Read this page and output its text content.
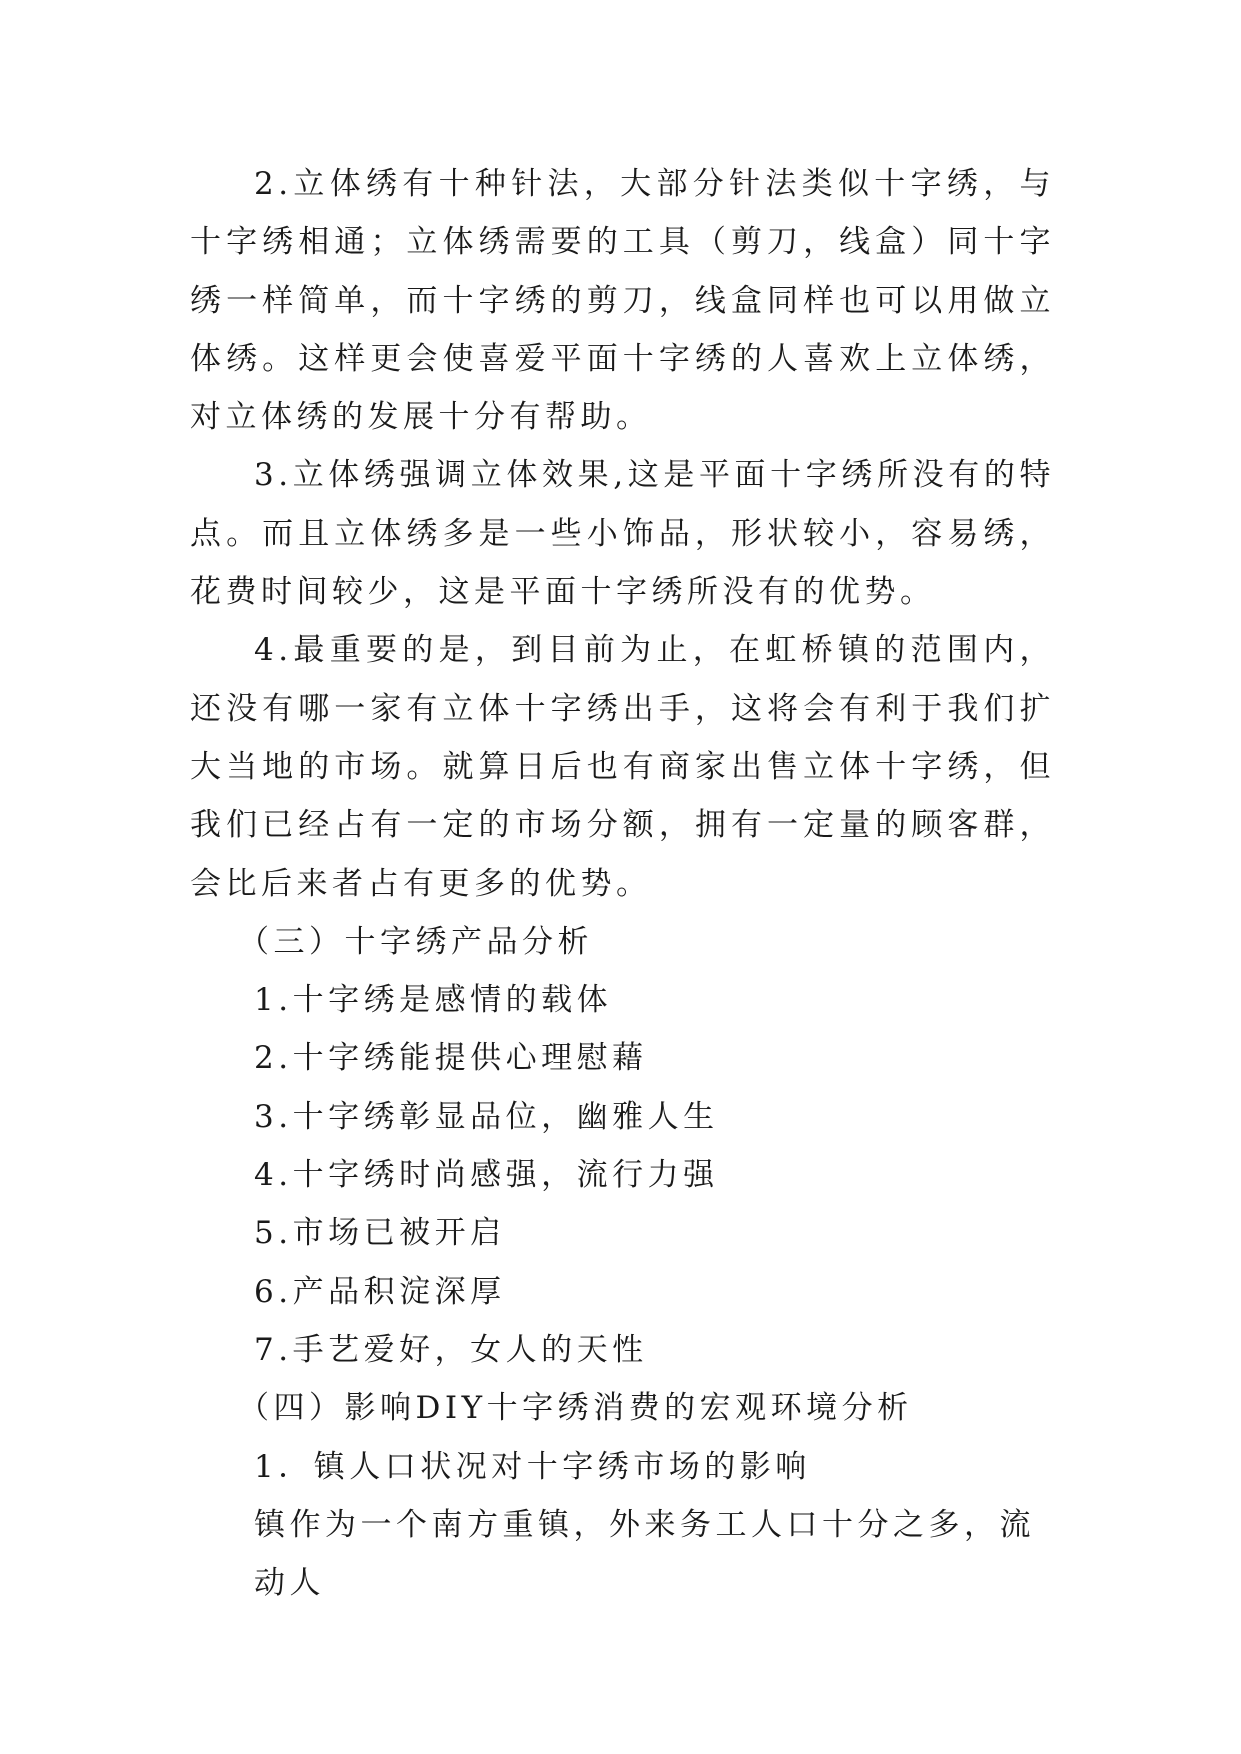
2.立体绣有十种针法，大部分针法类似十字绣，与十字绣相通；立体绣需要的工具（剪刀，线盒）同十字绣一样简单，而十字绣的剪刀，线盒同样也可以用做立体绣。这样更会使喜爱平面十字绣的人喜欢上立体绣，对立体绣的发展十分有帮助。

3.立体绣强调立体效果,这是平面十字绣所没有的特点。而且立体绣多是一些小饰品，形状较小，容易绣，花费时间较少，这是平面十字绣所没有的优势。

4.最重要的是，到目前为止，在虹桥镇的范围内，还没有哪一家有立体十字绣出手，这将会有利于我们扩大当地的市场。就算日后也有商家出售立体十字绣，但我们已经占有一定的市场分额，拥有一定量的顾客群，会比后来者占有更多的优势。

（三）十字绣产品分析

1.十字绣是感情的载体

2.十字绣能提供心理慰藉

3.十字绣彰显品位，幽雅人生

4.十字绣时尚感强，流行力强

5.市场已被开启

6.产品积淀深厚

7.手艺爱好，女人的天性

（四）影响DIY十字绣消费的宏观环境分析

1．镇人口状况对十字绣市场的影响

镇作为一个南方重镇，外来务工人口十分之多，流动人
